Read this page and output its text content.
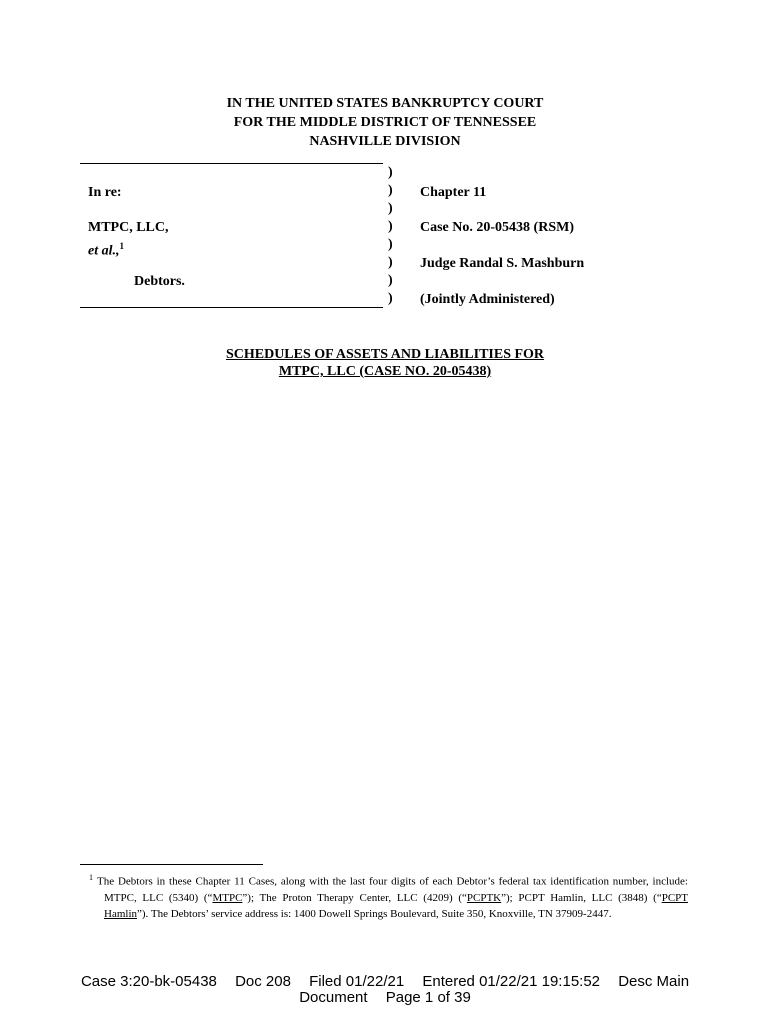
IN THE UNITED STATES BANKRUPTCY COURT
FOR THE MIDDLE DISTRICT OF TENNESSEE
NASHVILLE DIVISION
)
)
)
)
)
)
)
)
In re:
MTPC, LLC,
et al.,$^1$
Debtors.
Chapter 11
Case No. 20-05438 (RSM)
Judge Randal S. Mashburn
(Jointly Administered)
SCHEDULES OF ASSETS AND LIABILITIES FOR
MTPC, LLC (CASE NO. 20-05438)
$^1$ The Debtors in these Chapter 11 Cases, along with the last four digits of each Debtor’s federal tax identification number, include: MTPC, LLC (5340) (“MTPC”); The Proton Therapy Center, LLC (4209) (“PCPTK”); PCPT Hamlin, LLC (3848) (“PCPT Hamlin”). The Debtors’ service address is: 1400 Dowell Springs Boulevard, Suite 350, Knoxville, TN 37909-2447.
Case 3:20-bk-05438 Doc 208 Filed 01/22/21 Entered 01/22/21 19:15:52 Desc Main
Document Page 1 of 39
